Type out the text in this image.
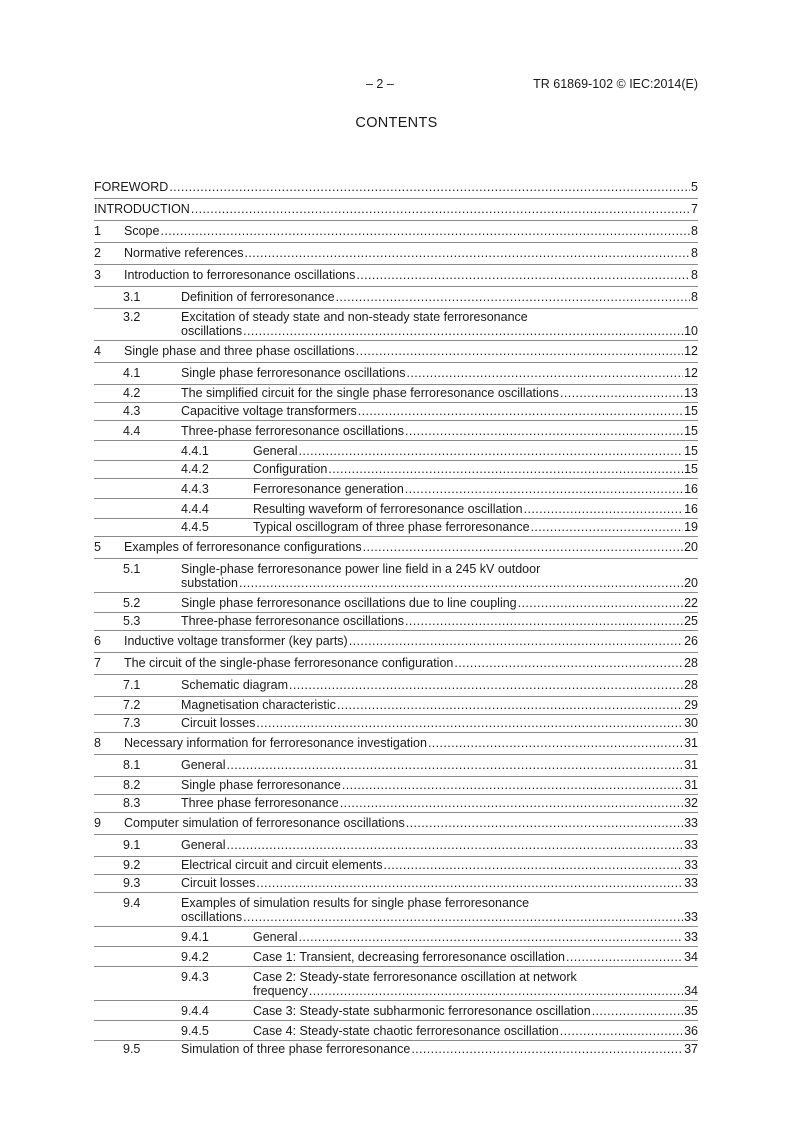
– 2 –	TR 61869-102 © IEC:2014(E)
CONTENTS
FOREWORD .....	5
INTRODUCTION .....	7
1 Scope .....	8
2 Normative references .....	8
3 Introduction to ferroresonance oscillations .....	8
3.1	Definition of ferroresonance .....	8
3.2	Excitation of steady state and non-steady state ferroresonance
oscillations .....	10
4 Single phase and three phase oscillations .....	12
4.1	Single phase ferroresonance oscillations .....	12
4.2	The simplified circuit for the single phase ferroresonance oscillations .....	13
4.3	Capacitive voltage transformers .....	15
4.4	Three-phase ferroresonance oscillations .....	15
4.4.1	General .....	15
4.4.2	Configuration .....	15
4.4.3	Ferroresonance generation .....	16
4.4.4	Resulting waveform of ferroresonance oscillation .....	16
4.4.5	Typical oscillogram of three phase ferroresonance .....	19
5 Examples of ferroresonance configurations .....	20
5.1	Single-phase ferroresonance power line field in a 245 kV outdoor
substation .....	20
5.2	Single phase ferroresonance oscillations due to line coupling .....	22
5.3	Three-phase ferroresonance oscillations .....	25
6 Inductive voltage transformer (key parts) .....	26
7 The circuit of the single-phase ferroresonance configuration .....	28
7.1	Schematic diagram .....	28
7.2	Magnetisation characteristic .....	29
7.3	Circuit losses .....	30
8 Necessary information for ferroresonance investigation .....	31
8.1	General .....	31
8.2	Single phase ferroresonance .....	31
8.3	Three phase ferroresonance .....	32
9 Computer simulation of ferroresonance oscillations .....	33
9.1	General .....	33
9.2	Electrical circuit and circuit elements .....	33
9.3	Circuit losses .....	33
9.4	Examples of simulation results for single phase ferroresonance
oscillations .....	33
9.4.1	General .....	33
9.4.2	Case 1: Transient, decreasing ferroresonance oscillation .....	34
9.4.3	Case 2: Steady-state ferroresonance oscillation at network
frequency .....	34
9.4.4	Case 3: Steady-state subharmonic ferroresonance oscillation .....	35
9.4.5	Case 4: Steady-state chaotic ferroresonance oscillation .....	36
9.5	Simulation of three phase ferroresonance .....	37
